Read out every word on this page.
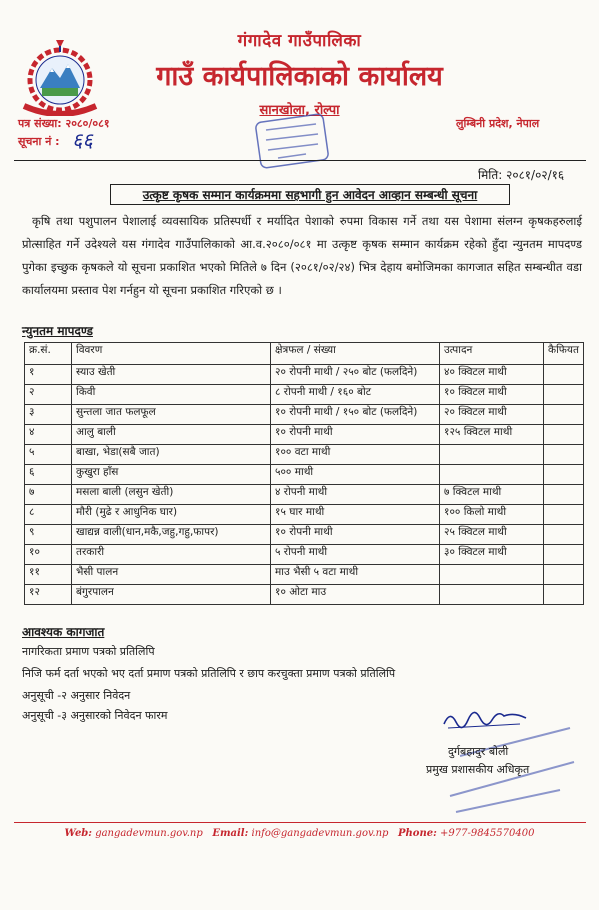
गंगादेव गाउँपालिका
गाउँ कार्यपालिकाको कार्यालय
सानखोला, रोल्पा
पत्र संख्या: २०८०/०८१
सूचना नं : ६६
लुम्बिनी प्रदेश, नेपाल
मिति: २०८१/०२/१६
उत्कृष्ट कृषक सम्मान कार्यक्रममा सहभागी हुन आवेदन आव्हान सम्बन्धी सूचना
कृषि तथा पशुपालन पेशालाई व्यवसायिक प्रतिस्पर्धी र मर्यादित पेशाको रुपमा विकास गर्ने तथा यस पेशामा संलग्न कृषकहरुलाई प्रोत्साहित गर्ने उदेश्यले यस गंगादेव गाउँपालिकाको आ.व.२०८०/०८१ मा उत्कृष्ट कृषक सम्मान कार्यक्रम रहेको हुँदा न्युनतम मापदण्ड पुगेका इच्छुक कृषकले यो सूचना प्रकाशित भएको मितिले ७ दिन (२०८१/०२/२४) भित्र देहाय बमोजिमका कागजात सहित सम्बन्धीत वडा कार्यालयमा प्रस्ताव पेश गर्नहुन यो सूचना प्रकाशित गरिएको छ ।
न्युनतम मापदण्ड
क्र.सं.	विवरण	क्षेत्रफल / संख्या	उत्पादन	कैफियत
१	स्याउ खेती	२० रोपनी माथी / २५० बोट (फलदिने)	४० क्विटल माथी	
२	किवी	८ रोपनी माथी / १६० बोट	१० क्विटल माथी	
३	सुन्तला जात फलफूल	१० रोपनी माथी / १५० बोट (फलदिने)	२० क्विटल माथी	
४	आलु बाली	१० रोपनी माथी	१२५ क्विटल माथी	
५	बाखा, भेडा(सबै जात)	१०० वटा माथी		
६	कुखुरा हाँस	५०० माथी		
७	मसला बाली (लसुन खेती)	४ रोपनी माथी	७ क्विटल माथी	
८	मौरी (मुढे र आधुनिक घार)	१५ घार माथी	१०० किलो माथी	
९	खाद्यन्न वाली(धान,मकै,जहु,गहु,फापर)	१० रोपनी माथी	२५ क्विटल माथी	
१०	तरकारी	५ रोपनी माथी	३० क्विटल माथी	
११	भैसी पालन	माउ भैसी ५ वटा माथी		
१२	बंगुरपालन	१० ओटा माउ		
आवश्यक कागजात
नागरिकता प्रमाण पत्रको प्रतिलिपि
निजि फर्म दर्ता भएको भए दर्ता प्रमाण पत्रको प्रतिलिपि र छाप करचुक्ता प्रमाण पत्रको प्रतिलिपि
अनुसूची -२ अनुसार निवेदन
अनुसूची -३ अनुसारको निवेदन फारम
दुर्गबहादुर बोली
प्रमुख प्रशासकीय अधिकृत
Web: gangadevmun.gov.np Email: info@gangadevmun.gov.np Phone: +977-9845570400
